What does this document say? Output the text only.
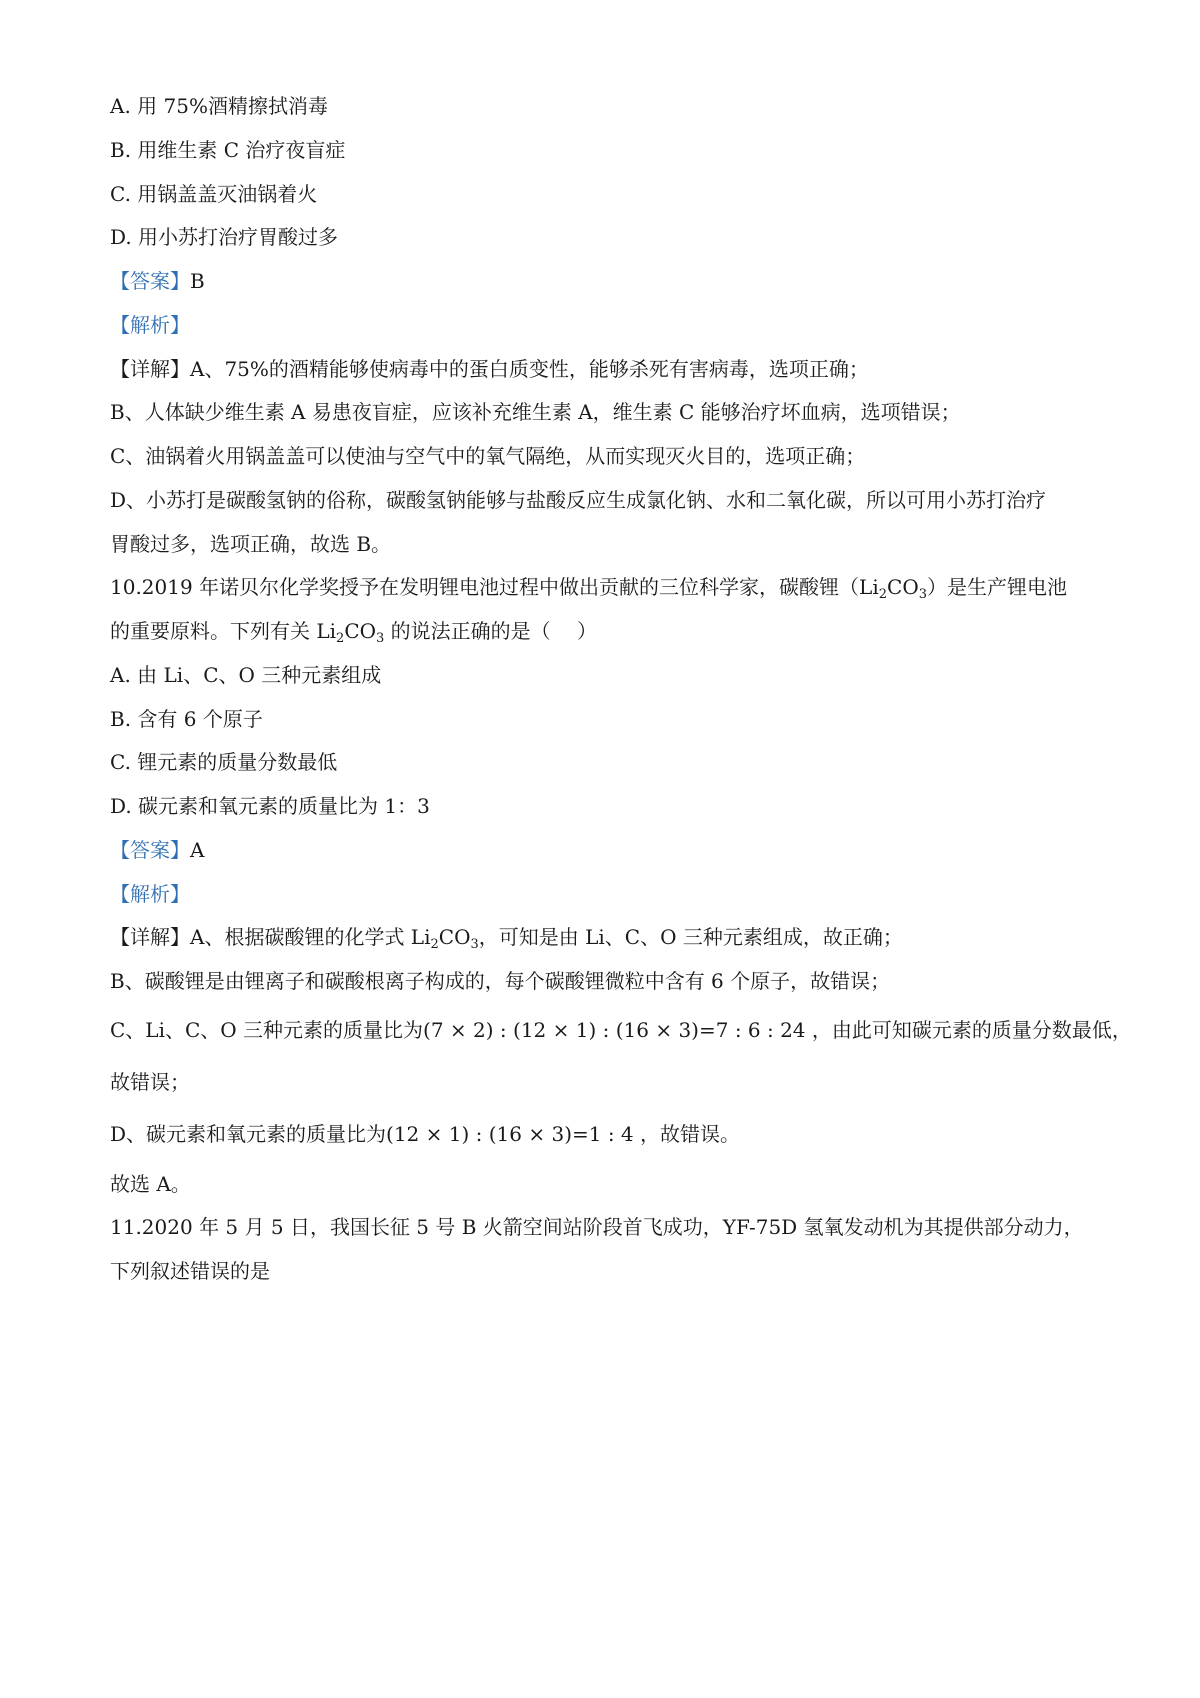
A. 用 75%酒精擦拭消毒
B. 用维生素 C 治疗夜盲症
C. 用锅盖盖灭油锅着火
D. 用小苏打治疗胃酸过多
【答案】B
【解析】
【详解】A、75%的酒精能够使病毒中的蛋白质变性，能够杀死有害病毒，选项正确；
B、人体缺少维生素 A 易患夜盲症，应该补充维生素 A，维生素 C 能够治疗坏血病，选项错误；
C、油锅着火用锅盖盖可以使油与空气中的氧气隔绝，从而实现灭火目的，选项正确；
D、小苏打是碳酸氢钠的俗称，碳酸氢钠能够与盐酸反应生成氯化钠、水和二氧化碳，所以可用小苏打治疗
胃酸过多，选项正确，故选 B。
10.2019 年诺贝尔化学奖授予在发明锂电池过程中做出贡献的三位科学家，碳酸锂$(Li_2CO_3)$是生产锂电池
的重要原料。下列有关 $Li_2CO_3$ 的说法正确的是（　 ）
A. 由 Li、C、O 三种元素组成
B. 含有 6 个原子
C. 锂元素的质量分数最低
D. 碳元素和氧元素的质量比为 1：3
【答案】A
【解析】
【详解】A、根据碳酸锂的化学式 $Li_2CO_3$，可知是由 Li、C、O 三种元素组成，故正确；
B、碳酸锂是由锂离子和碳酸根离子构成的，每个碳酸锂微粒中含有 6 个原子，故错误；
C、Li、C、O 三种元素的质量比为(7 × 2) : (12 × 1) : (16 × 3)=7 : 6 : 24 ，由此可知碳元素的质量分数最低，
故错误；
D、碳元素和氧元素的质量比为(12 × 1) : (16 × 3)=1 : 4 ，故错误。
故选 A。
11.2020 年 5 月 5 日，我国长征 5 号 B 火箭空间站阶段首飞成功，YF-75D 氢氧发动机为其提供部分动力，
下列叙述错误的是
